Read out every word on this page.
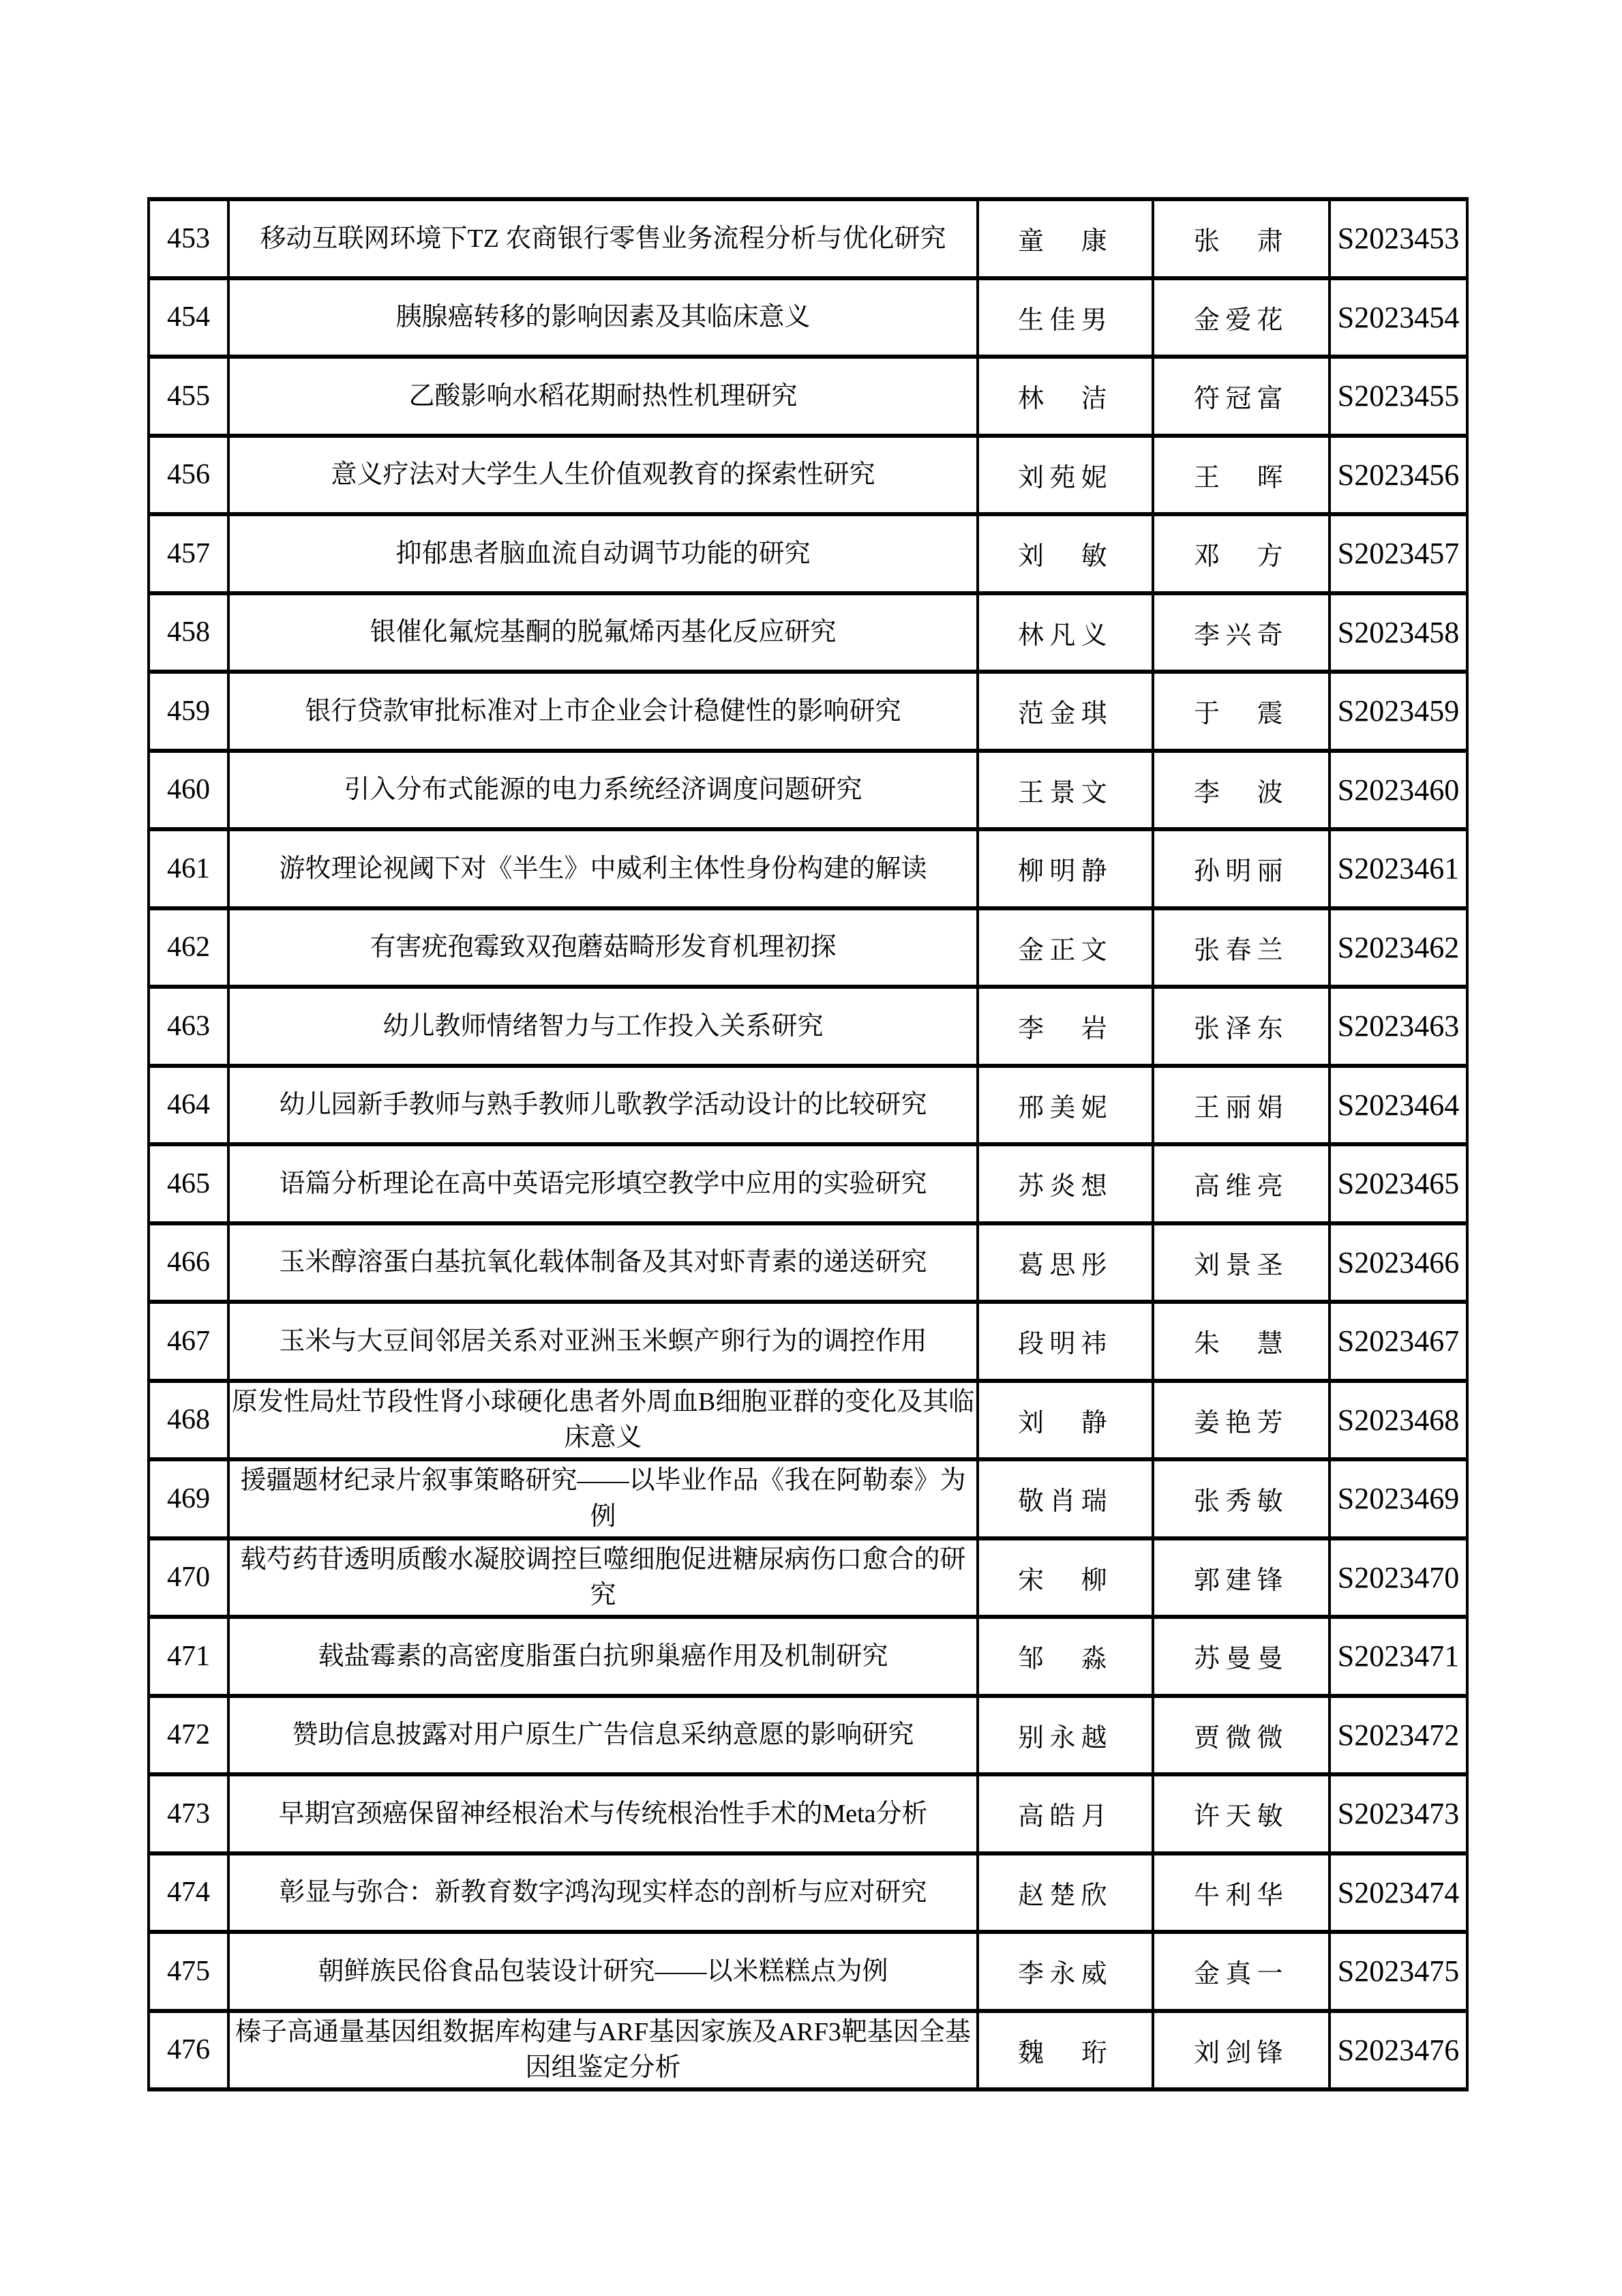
453	移动互联网环境下TZ 农商银行零售业务流程分析与优化研究	童　康	张　肃	S2023453
454	胰腺癌转移的影响因素及其临床意义	生佳男	金爱花	S2023454
455	乙酸影响水稻花期耐热性机理研究	林　洁	符冠富	S2023455
456	意义疗法对大学生人生价值观教育的探索性研究	刘苑妮	王　晖	S2023456
457	抑郁患者脑血流自动调节功能的研究	刘　敏	邓　方	S2023457
458	银催化氟烷基酮的脱氟烯丙基化反应研究	林凡义	李兴奇	S2023458
459	银行贷款审批标准对上市企业会计稳健性的影响研究	范金琪	于　震	S2023459
460	引入分布式能源的电力系统经济调度问题研究	王景文	李　波	S2023460
461	游牧理论视阈下对《半生》中威利主体性身份构建的解读	柳明静	孙明丽	S2023461
462	有害疣孢霉致双孢蘑菇畸形发育机理初探	金正文	张春兰	S2023462
463	幼儿教师情绪智力与工作投入关系研究	李　岩	张泽东	S2023463
464	幼儿园新手教师与熟手教师儿歌教学活动设计的比较研究	邢美妮	王丽娟	S2023464
465	语篇分析理论在高中英语完形填空教学中应用的实验研究	苏炎想	高维亮	S2023465
466	玉米醇溶蛋白基抗氧化载体制备及其对虾青素的递送研究	葛思彤	刘景圣	S2023466
467	玉米与大豆间邻居关系对亚洲玉米螟产卵行为的调控作用	段明祎	朱　慧	S2023467
468	原发性局灶节段性肾小球硬化患者外周血B细胞亚群的变化及其临床意义	刘　静	姜艳芳	S2023468
469	援疆题材纪录片叙事策略研究——以毕业作品《我在阿勒泰》为例	敬肖瑞	张秀敏	S2023469
470	载芍药苷透明质酸水凝胶调控巨噬细胞促进糖尿病伤口愈合的研究	宋　柳	郭建锋	S2023470
471	载盐霉素的高密度脂蛋白抗卵巢癌作用及机制研究	邹　淼	苏曼曼	S2023471
472	赞助信息披露对用户原生广告信息采纳意愿的影响研究	别永越	贾微微	S2023472
473	早期宫颈癌保留神经根治术与传统根治性手术的Meta分析	高皓月	许天敏	S2023473
474	彰显与弥合：新教育数字鸿沟现实样态的剖析与应对研究	赵楚欣	牛利华	S2023474
475	朝鲜族民俗食品包装设计研究——以米糕糕点为例	李永威	金真一	S2023475
476	榛子高通量基因组数据库构建与ARF基因家族及ARF3靶基因全基因组鉴定分析	魏　珩	刘剑锋	S2023476
